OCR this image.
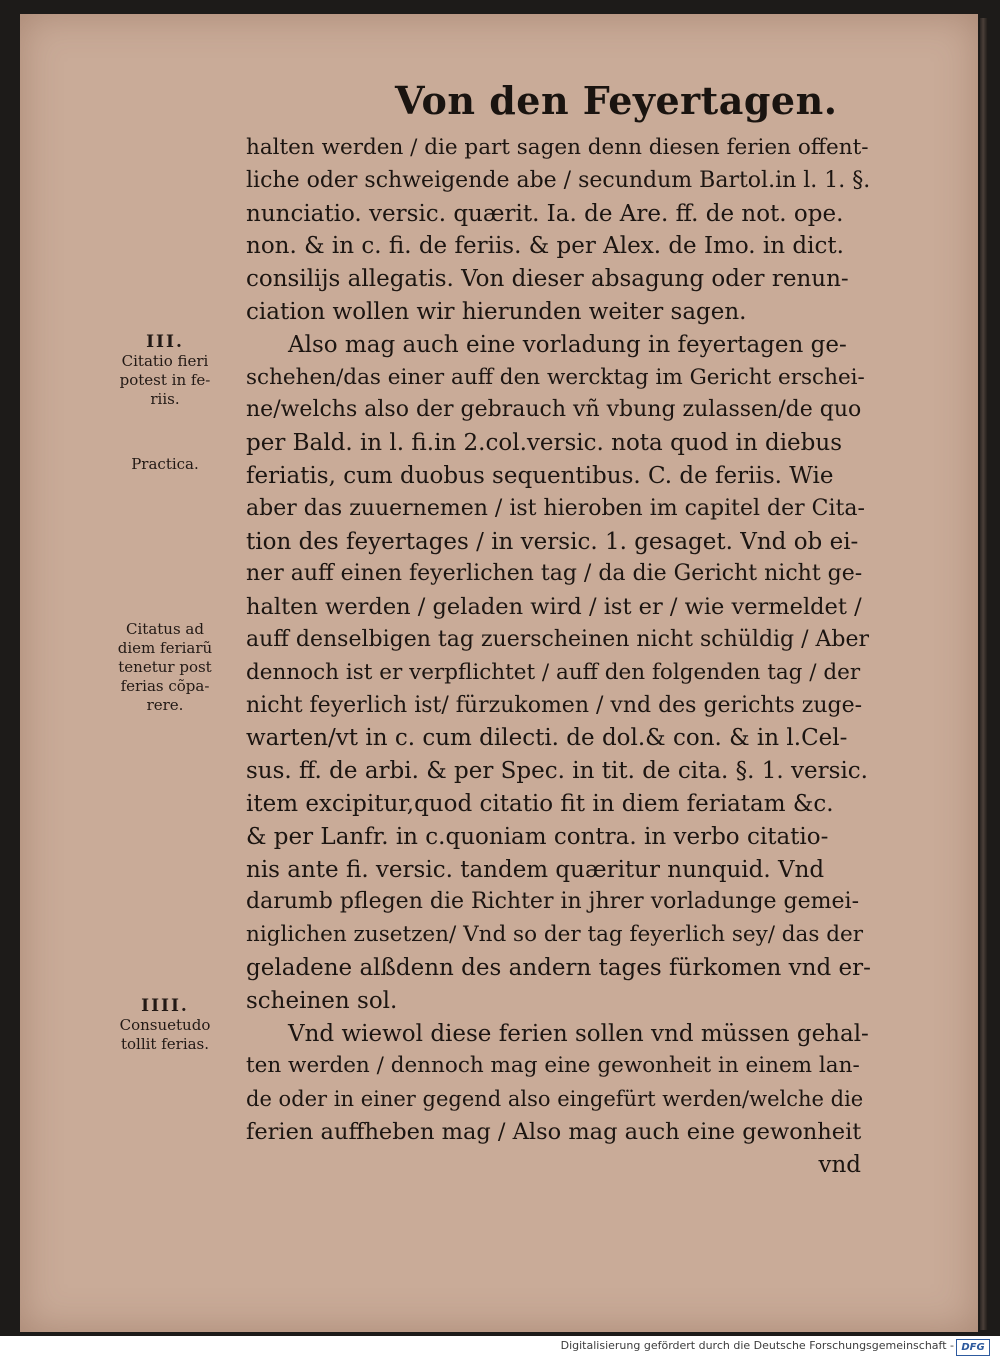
Von den Feyertagen.
halten werden / die part sagen denn diesen ferien offent-
liche oder schweigende abe / secundum Bartol.in l. 1. §.
nunciatio. versic. quærit. Ia. de Are. ff. de not. ope.
non. & in c. fi. de feriis. & per Alex. de Imo. in dict.
consilijs allegatis. Von dieser absagung oder renun-
ciation wollen wir hierunden weiter sagen.
Also mag auch eine vorladung in feyertagen ge-
schehen/das einer auff den wercktag im Gericht erschei-
ne/welchs also der gebrauch vñ vbung zulassen/de quo
per Bald. in l. fi.in 2.col.versic. nota quod in diebus
feriatis, cum duobus sequentibus. C. de feriis. Wie
aber das zuuernemen / ist hieroben im capitel der Cita-
tion des feyertages / in versic. 1. gesaget. Vnd ob ei-
ner auff einen feyerlichen tag / da die Gericht nicht ge-
halten werden / geladen wird / ist er / wie vermeldet /
auff denselbigen tag zuerscheinen nicht schüldig / Aber
dennoch ist er verpflichtet / auff den folgenden tag / der
nicht feyerlich ist/ fürzukomen / vnd des gerichts zuge-
warten/vt in c. cum dilecti. de dol.& con. & in l.Cel-
sus. ff. de arbi. & per Spec. in tit. de cita. §. 1. versic.
item excipitur,quod citatio fit in diem feriatam &c.
& per Lanfr. in c.quoniam contra. in verbo citatio-
nis ante fi. versic. tandem quæritur nunquid. Vnd
darumb pflegen die Richter in jhrer vorladunge gemei-
niglichen zusetzen/ Vnd so der tag feyerlich sey/ das der
geladene alßdenn des andern tages fürkomen vnd er-
scheinen sol.
Vnd wiewol diese ferien sollen vnd müssen gehal-
ten werden / dennoch mag eine gewonheit in einem lan-
de oder in einer gegend also eingefürt werden/welche die
ferien auffheben mag / Also mag auch eine gewonheit
vnd
III.
Citatio fieri
potest in fe-
riis.
Practica.
Citatus ad
diem feriarũ
tenetur post
ferias cõpa-
rere.
IIII.
Consuetudo
tollit ferias.
Digitalisierung gefördert durch die Deutsche Forschungsgemeinschaft - DFG
